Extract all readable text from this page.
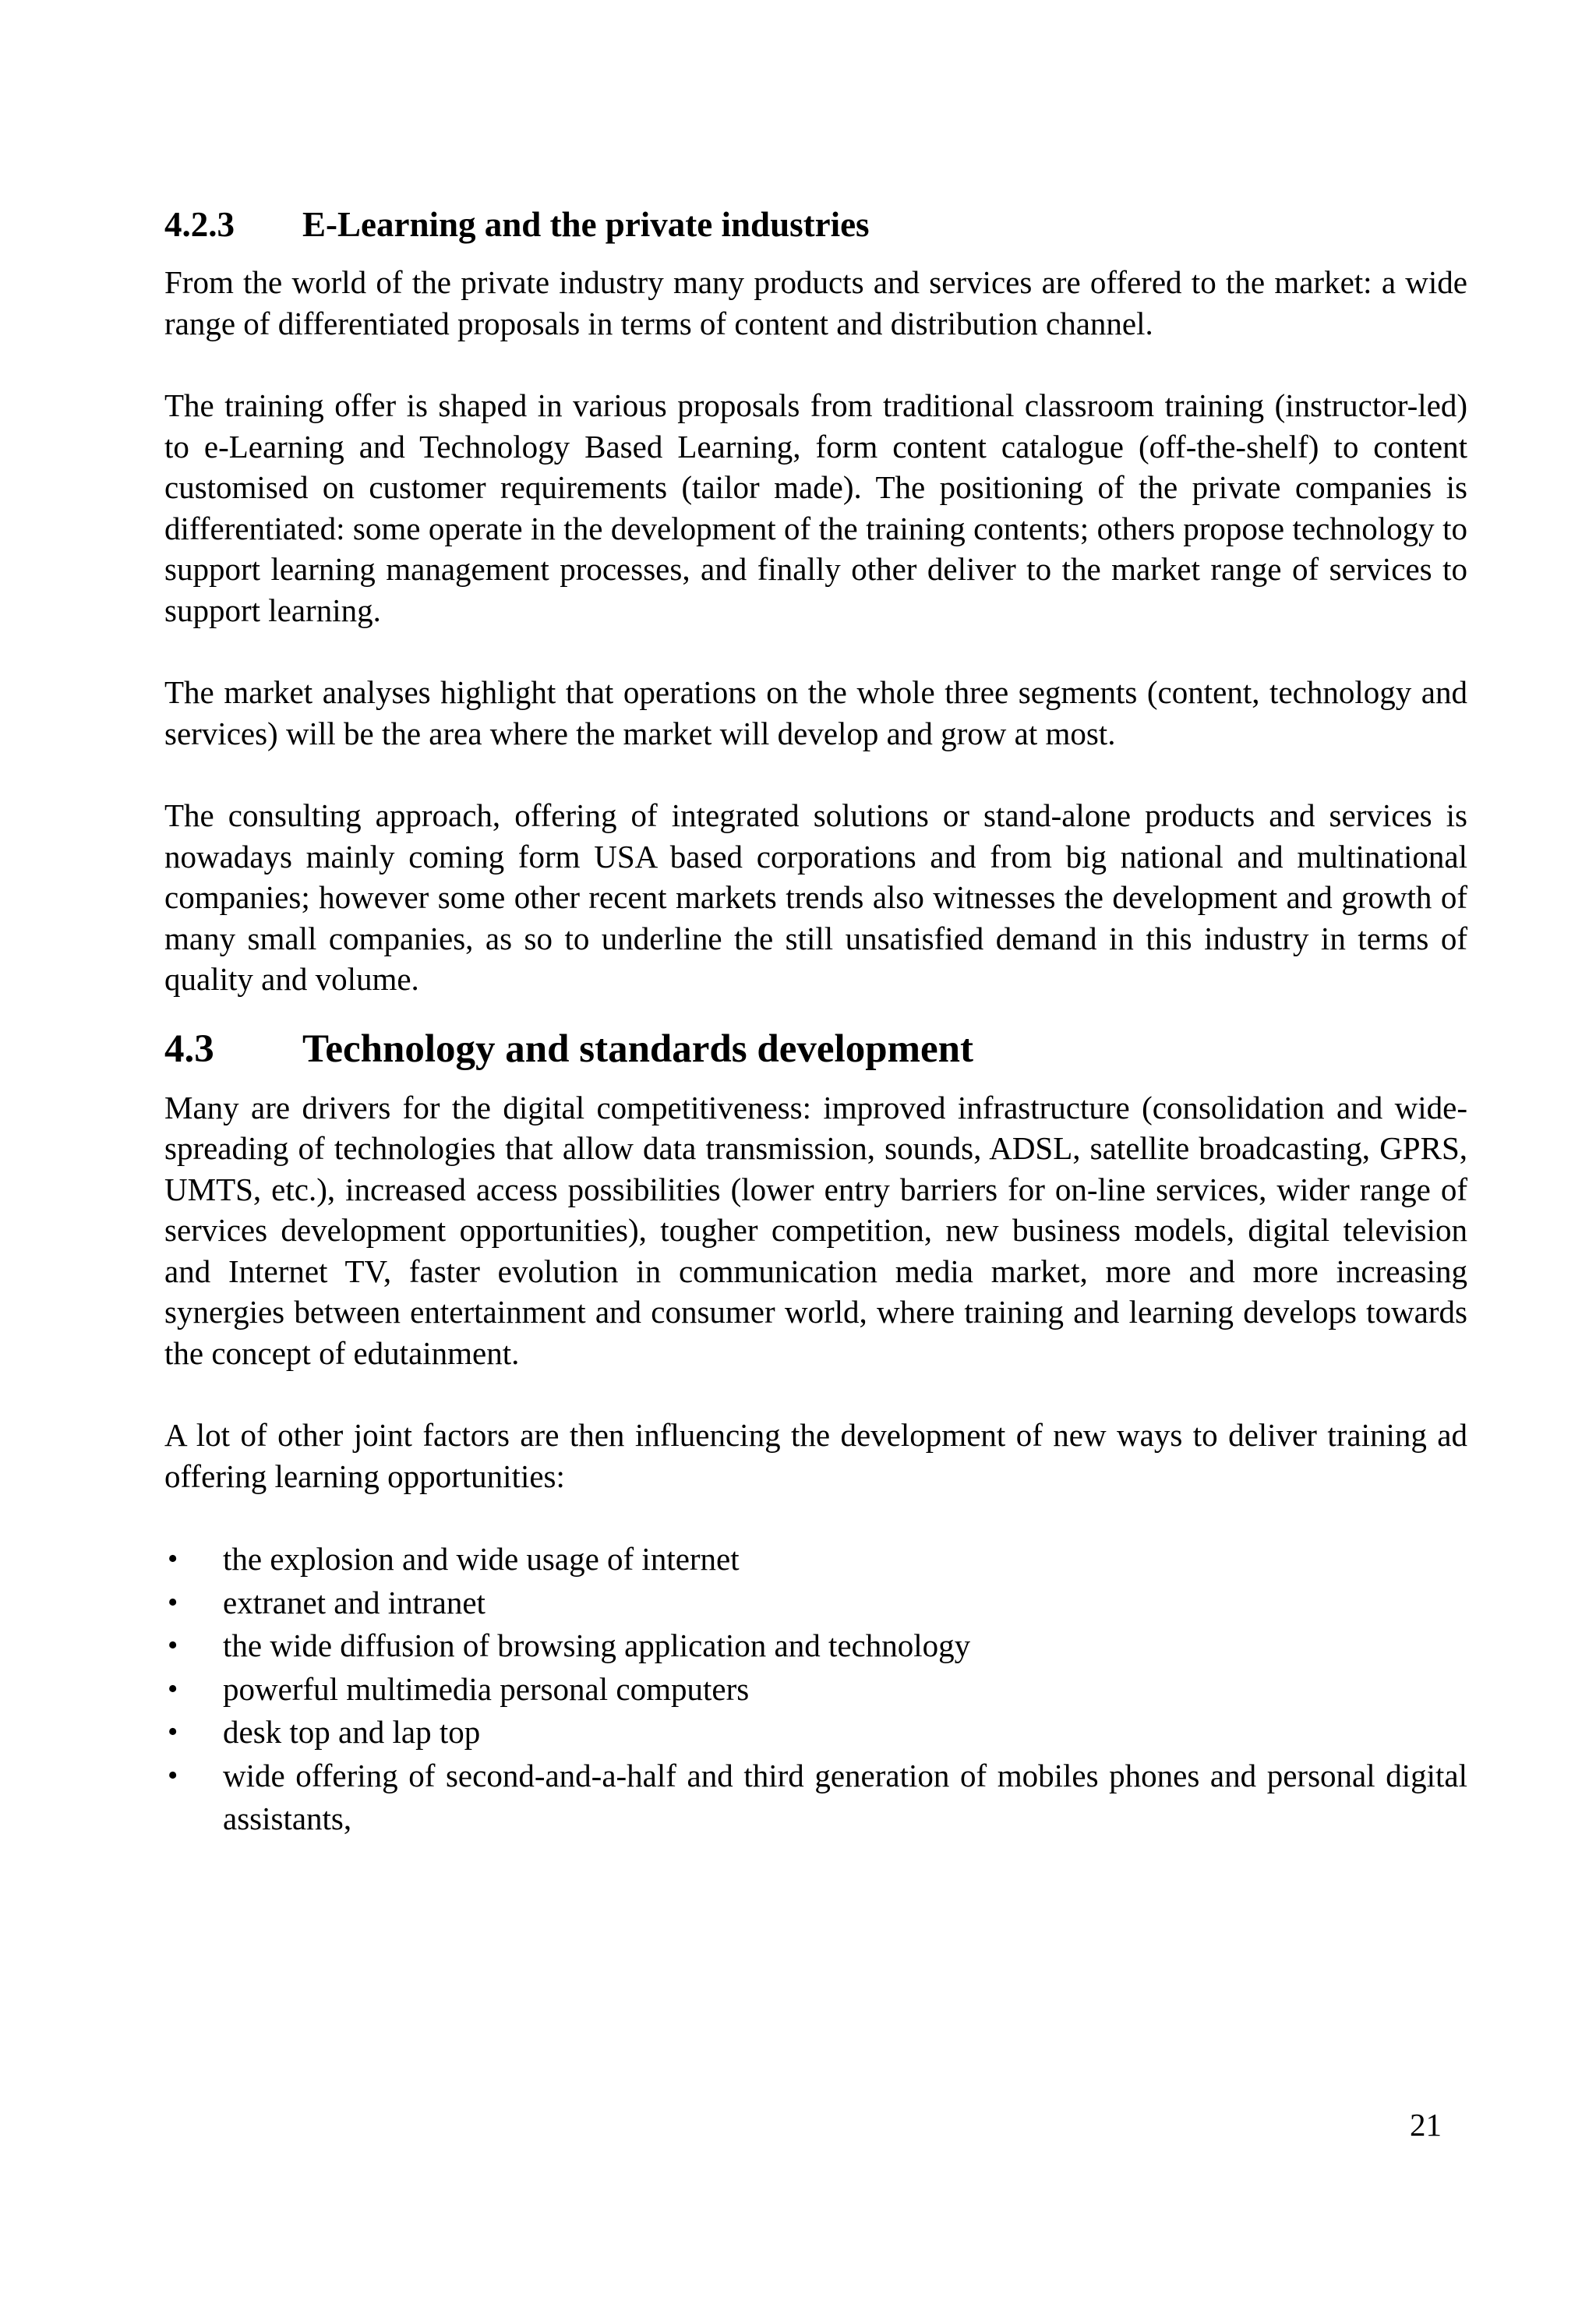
4.2.3	E-Learning and the private industries

From the world of the private industry many products and services are offered to the market: a wide range of differentiated proposals in terms of content and distribution channel.

The training offer is shaped in various proposals from traditional classroom training (instructor-led) to e-Learning and Technology Based Learning, form content catalogue (off-the-shelf) to content customised on customer requirements (tailor made). The positioning of the private companies is differentiated: some operate in the development of the training contents; others propose technology to support learning management processes, and finally other deliver to the market range of services to support learning.

The market analyses highlight that operations on the whole three segments (content, technology and services) will be the area where the market will develop and grow at most.

The consulting approach, offering of integrated solutions or stand-alone products and services is nowadays mainly coming form USA based corporations and from big national and multinational companies; however some other recent markets trends also witnesses the development and growth of many small companies, as so to underline the still unsatisfied demand in this industry in terms of quality and volume.

4.3	Technology and standards development

Many are drivers for the digital competitiveness: improved infrastructure (consolidation and wide-spreading of technologies that allow data transmission, sounds, ADSL, satellite broadcasting, GPRS, UMTS, etc.), increased access possibilities (lower entry barriers for on-line services, wider range of services development opportunities), tougher competition, new business models, digital television and Internet TV, faster evolution in communication media market, more and more increasing synergies between entertainment and consumer world, where training and learning develops towards the concept of edutainment.

A lot of other joint factors are then influencing the development of new ways to deliver training ad offering learning opportunities:

• the explosion and wide usage of internet
• extranet and intranet
• the wide diffusion of browsing application and technology
• powerful multimedia personal computers
• desk top and lap top
• wide offering of second-and-a-half and third generation of mobiles phones and personal digital assistants,
21
